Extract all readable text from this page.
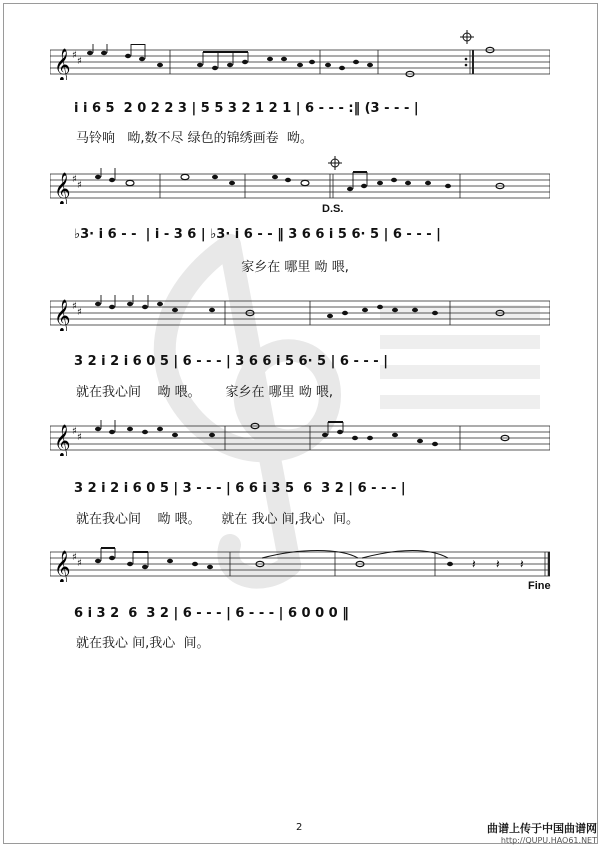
𝄞 ♯
♯
i i 6 5  2 0 2 2 3 | 5 5 3 2 1 2 1 | 6 - - - :‖ (3 - - - |
马铃响   呦,数不尽 绿色的锦绣画卷  呦。
𝄞 ♯
♯
D.S.
♭3· i 6 - -  | i - 3 6 | ♭3· i 6 - - ‖ 3 6 6 i 5 6· 5 | 6 - - - |
家乡在 哪里 呦 喂,
𝄞 ♯
♯
3 2 i 2 i 6 0 5 | 6 - - - | 3 6 6 i 5 6· 5 | 6 - - - |
就在我心间    呦 喂。      家乡在 哪里 呦 喂,
𝄞 ♯
♯
3 2 i 2 i 6 0 5 | 3 - - - | 6 6 i 3 5  6  3 2 | 6 - - - |
就在我心间    呦 喂。     就在 我心 间,我心  间。
𝄞 ♯
♯	𝄽 𝄽 𝄽
Fine
6 i 3 2  6  3 2 | 6 - - - | 6 - - - | 6 0 0 0 ‖
就在我心 间,我心  间。
2	曲谱上传于中国曲谱网
http://QUPU.HAO61.NET
